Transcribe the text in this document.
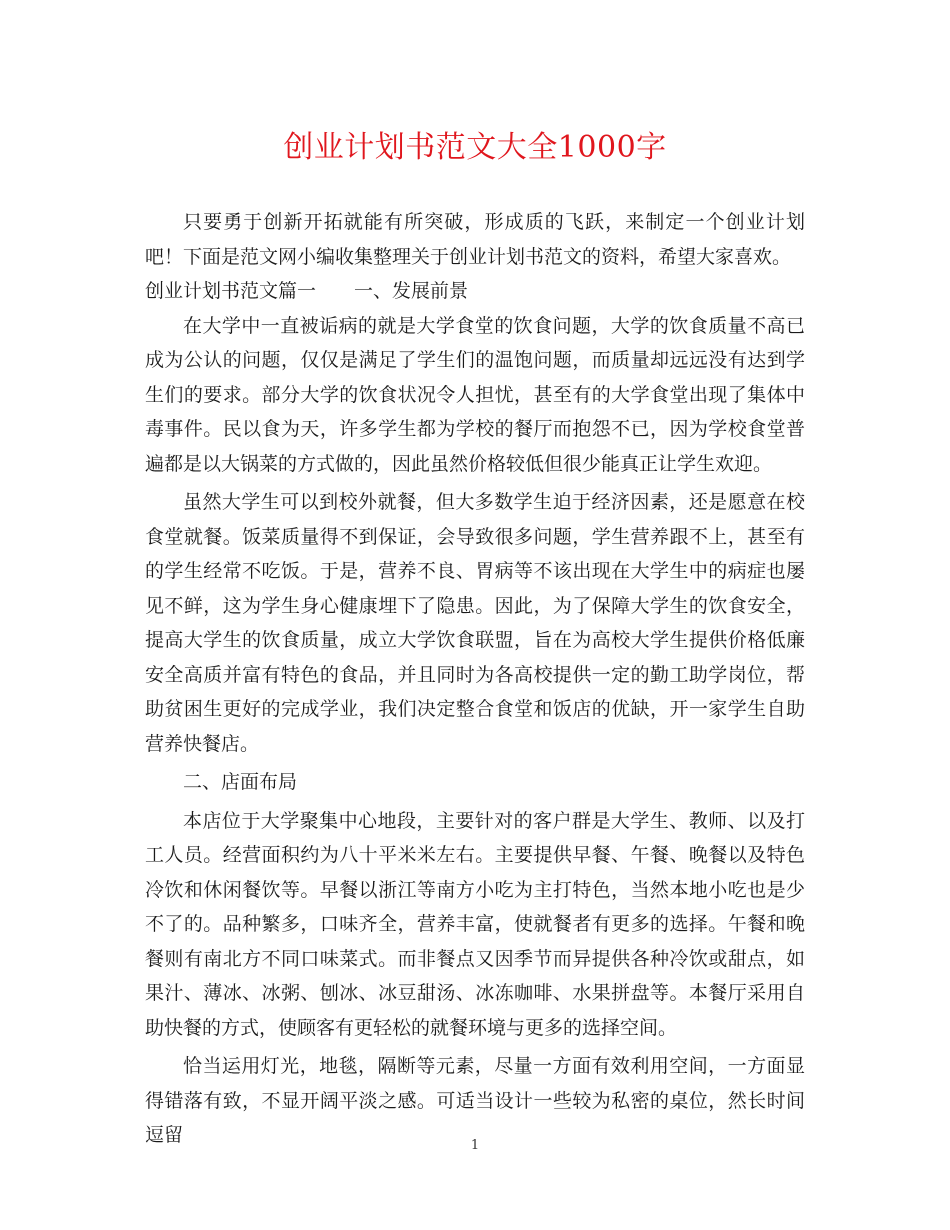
创业计划书范文大全1000字

只要勇于创新开拓就能有所突破，形成质的飞跃，来制定一个创业计划吧！下面是范文网小编收集整理关于创业计划书范文的资料，希望大家喜欢。

创业计划书范文篇一 一、发展前景

在大学中一直被诟病的就是大学食堂的饮食问题，大学的饮食质量不高已成为公认的问题，仅仅是满足了学生们的温饱问题，而质量却远远没有达到学生们的要求。部分大学的饮食状况令人担忧，甚至有的大学食堂出现了集体中毒事件。民以食为天，许多学生都为学校的餐厅而抱怨不已，因为学校食堂普遍都是以大锅菜的方式做的，因此虽然价格较低但很少能真正让学生欢迎。

虽然大学生可以到校外就餐，但大多数学生迫于经济因素，还是愿意在校食堂就餐。饭菜质量得不到保证，会导致很多问题，学生营养跟不上，甚至有的学生经常不吃饭。于是，营养不良、胃病等不该出现在大学生中的病症也屡见不鲜，这为学生身心健康埋下了隐患。因此，为了保障大学生的饮食安全，提高大学生的饮食质量，成立大学饮食联盟，旨在为高校大学生提供价格低廉安全高质并富有特色的食品，并且同时为各高校提供一定的勤工助学岗位，帮助贫困生更好的完成学业，我们决定整合食堂和饭店的优缺，开一家学生自助营养快餐店。

二、店面布局

本店位于大学聚集中心地段，主要针对的客户群是大学生、教师、以及打工人员。经营面积约为八十平米米左右。主要提供早餐、午餐、晚餐以及特色冷饮和休闲餐饮等。早餐以浙江等南方小吃为主打特色，当然本地小吃也是少不了的。品种繁多，口味齐全，营养丰富，使就餐者有更多的选择。午餐和晚餐则有南北方不同口味菜式。而非餐点又因季节而异提供各种冷饮或甜点，如果汁、薄冰、冰粥、刨冰、冰豆甜汤、冰冻咖啡、水果拼盘等。本餐厅采用自助快餐的方式，使顾客有更轻松的就餐环境与更多的选择空间。

恰当运用灯光，地毯，隔断等元素，尽量一方面有效利用空间，一方面显得错落有致，不显开阔平淡之感。可适当设计一些较为私密的桌位，然长时间逗留	1
